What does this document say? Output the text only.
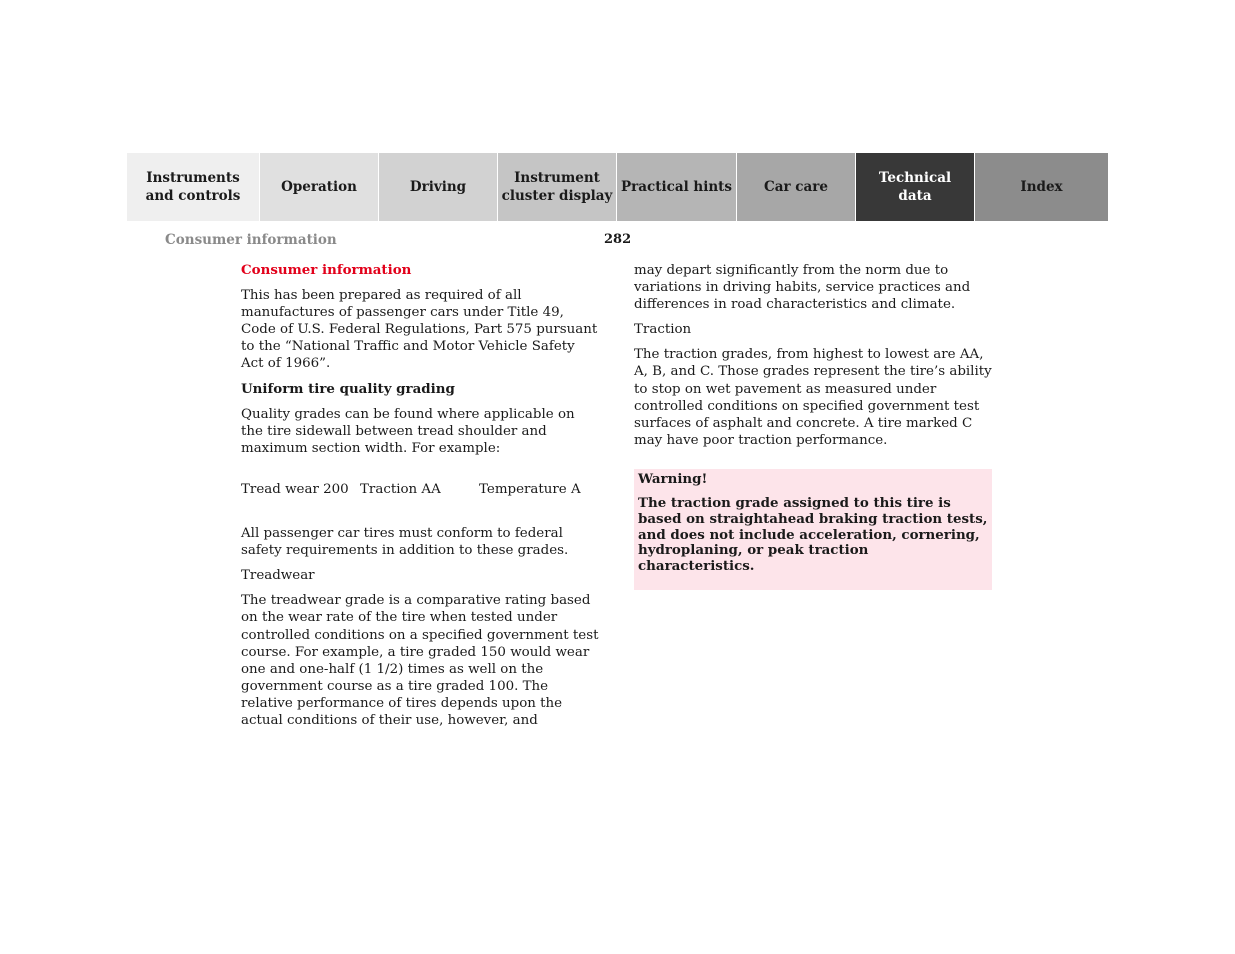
Instruments
and controls
Operation	Driving
Instrument
cluster display
Practical hints	Car care
Technical
data
Index
Consumer information	282

Consumer information

This has been prepared as required of all manufactures of passenger cars under Title 49, Code of U.S. Federal Regulations, Part 575 pursuant to the “National Traffic and Motor Vehicle Safety Act of 1966”.

Uniform tire quality grading

Quality grades can be found where applicable on the tire sidewall between tread shoulder and maximum section width. For example:

Tread wear 200 Traction AA	Temperature A

All passenger car tires must conform to federal safety requirements in addition to these grades.

Treadwear

The treadwear grade is a comparative rating based on the wear rate of the tire when tested under controlled conditions on a specified government test course. For example, a tire graded 150 would wear one and one-half (1 1/2) times as well on the government course as a tire graded 100. The relative performance of tires depends upon the actual conditions of their use, however, and

may depart significantly from the norm due to variations in driving habits, service practices and differences in road characteristics and climate.

Traction

The traction grades, from highest to lowest are AA, A, B, and C. Those grades represent the tire’s ability to stop on wet pavement as measured under controlled conditions on specified government test surfaces of asphalt and concrete. A tire marked C may have poor traction performance.

Warning!

The traction grade assigned to this tire is based on straightahead braking traction tests, and does not include acceleration, cornering, hydroplaning, or peak traction characteristics.
